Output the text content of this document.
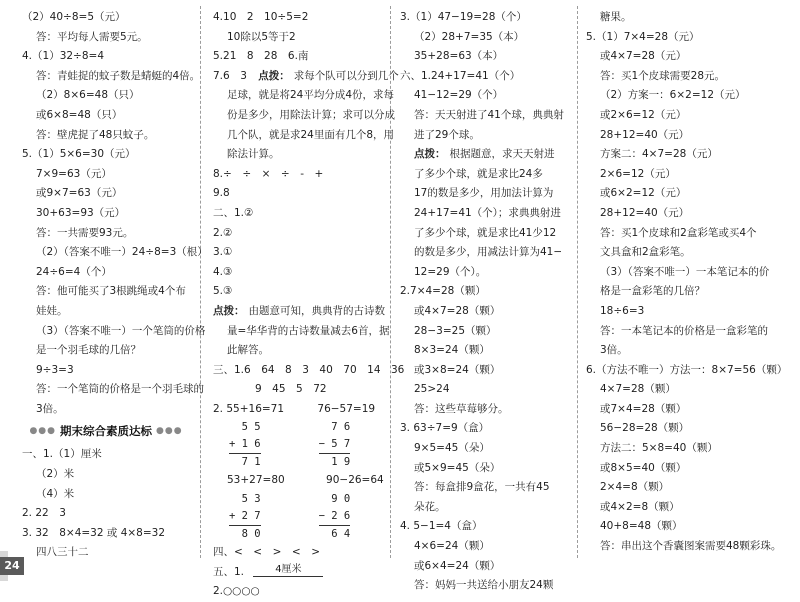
（2）40÷8=5（元）
答：平均每人需要5元。
4.（1）32÷8=4
答：青蛙捉的蚊子数是蜻蜓的4倍。
（2）8×6=48（只）
或6×8=48（只）
答：壁虎捉了48只蚊子。
5.（1）5×6=30（元）
7×9=63（元）
或9×7=63（元）
30+63=93（元）
答：一共需要93元。
（2）（答案不唯一）24÷8=3（根）
24÷6=4（个）
答：他可能买了3根跳绳或4个布
娃娃。
（3）（答案不唯一）一个笔筒的价格
是一个羽毛球的几倍？
9÷3=3
答：一个笔筒的价格是一个羽毛球的
3倍。
●●● 期末综合素质达标 ●●●
一、1.（1）厘米
（2）米
（4）米
2. 22　3
3. 32　8×4=32 或 4×8=32
四八三十二
4.10　2　10÷5=2
10除以5等于2
5.21　8　28　6.南
7.6　3 点拨： 求每个队可以分到几个
足球，就是将24平均分成4份，求每
份是多少，用除法计算；求可以分成
几个队，就是求24里面有几个8，用
除法计算。
8.÷　÷　×　÷　-　+
9.8
二、1.②
2.②
3.①
4.③
5.③
点拨： 由题意可知，典典背的古诗数
量=华华背的古诗数量减去6首，据
此解答。
三、1.6　64　8　3　40　70　14　36
9　45　5　72
2. 55+16=71	76−57=19
5 5
+ 1 6
7 1
7 6
− 5 7
1 9
53+27=80	90−26=64
5 3
+ 2 7
8 0
9 0
− 2 6
6 4
四、<　<　>　<　>
五、1.	4厘米
2.○○○○
3.（1）47−19=28（个）
（2）28+7=35（本）
35+28=63（本）
六、1.24+17=41（个）
41−12=29（个）
答：天天射进了41个球，典典射
进了29个球。
点拨： 根据题意，求天天射进
了多少个球，就是求比24多
17的数是多少，用加法计算为
24+17=41（个）；求典典射进
了多少个球，就是求比41少12
的数是多少，用减法计算为41−
12=29（个）。
2.7×4=28（颗）
或4×7=28（颗）
28−3=25（颗）
8×3=24（颗）
或3×8=24（颗）
25>24
答：这些草莓够分。
3. 63÷7=9（盒）
9×5=45（朵）
或5×9=45（朵）
答：每盒排9盒花，一共有45
朵花。
4. 5−1=4（盒）
4×6=24（颗）
或6×4=24（颗）
答：妈妈一共送给小朋友24颗
糖果。
5.（1）7×4=28（元）
或4×7=28（元）
答：买1个皮球需要28元。
（2）方案一：6×2=12（元）
或2×6=12（元）
28+12=40（元）
方案二：4×7=28（元）
2×6=12（元）
或6×2=12（元）
28+12=40（元）
答：买1个皮球和2盒彩笔或买4个
文具盒和2盒彩笔。
（3）（答案不唯一）一本笔记本的价
格是一盒彩笔的几倍？
18÷6=3
答：一本笔记本的价格是一盒彩笔的
3倍。
6.（方法不唯一）方法一：8×7=56（颗）
4×7=28（颗）
或7×4=28（颗）
56−28=28（颗）
方法二：5×8=40（颗）
或8×5=40（颗）
2×4=8（颗）
或4×2=8（颗）
40+8=48（颗）
答：串出这个香囊图案需要48颗彩珠。
24
